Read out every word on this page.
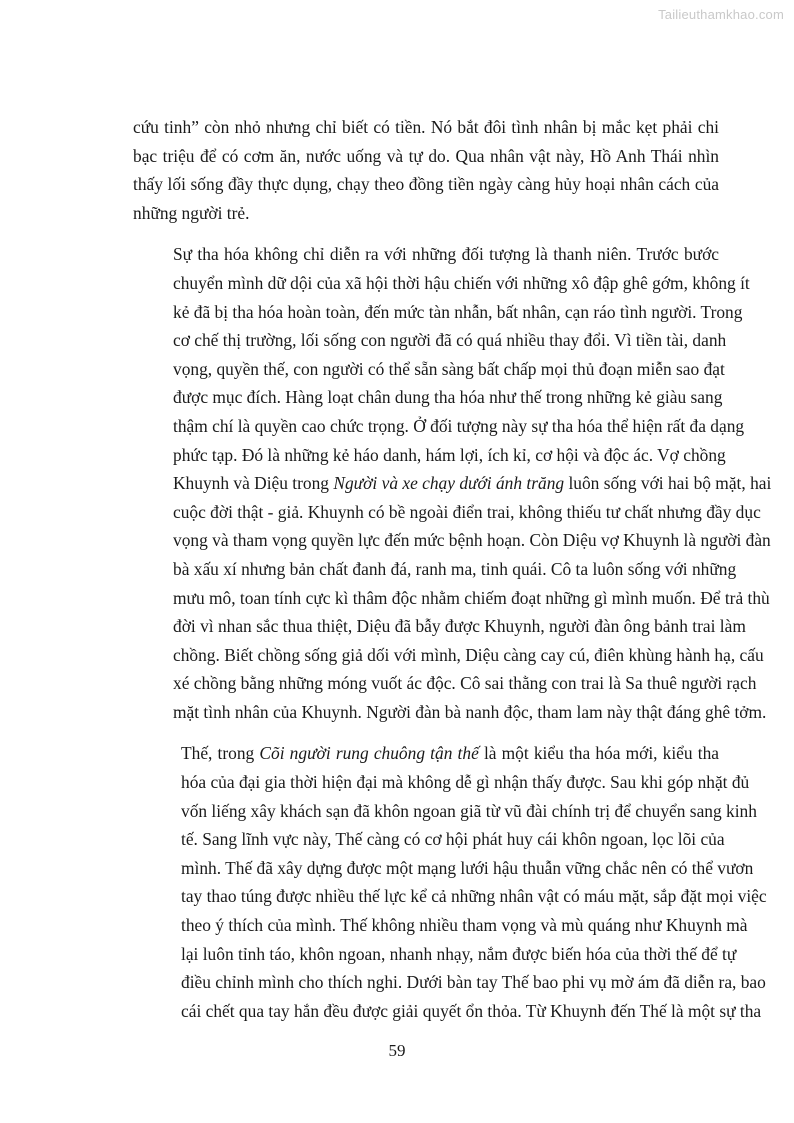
Tailieuthamkhao.com
cứu tinh” còn nhỏ nhưng chỉ biết có tiền. Nó bắt đôi tình nhân bị mắc kẹt phải chi
bạc triệu để có cơm ăn, nước uống và tự do. Qua nhân vật này, Hồ Anh Thái nhìn
thấy lối sống đầy thực dụng, chạy theo đồng tiền ngày càng hủy hoại nhân cách của
những người trẻ.
Sự tha hóa không chỉ diễn ra với những đối tượng là thanh niên. Trước bước
chuyển mình dữ dội của xã hội thời hậu chiến với những xô đập ghê gớm, không ít
kẻ đã bị tha hóa hoàn toàn, đến mức tàn nhẫn, bất nhân, cạn ráo tình người. Trong
cơ chế thị trường, lối sống con người đã có quá nhiều thay đổi. Vì tiền tài, danh
vọng, quyền thế, con người có thể sẵn sàng bất chấp mọi thủ đoạn miễn sao đạt
được mục đích. Hàng loạt chân dung tha hóa như thế trong những kẻ giàu sang
thậm chí là quyền cao chức trọng. Ở đối tượng này sự tha hóa thể hiện rất đa dạng
phức tạp. Đó là những kẻ háo danh, hám lợi, ích kỉ, cơ hội và độc ác. Vợ chồng
Khuynh và Diệu trong Người và xe chạy dưới ánh trăng luôn sống với hai bộ mặt, hai
cuộc đời thật - giả. Khuynh có bề ngoài điển trai, không thiếu tư chất nhưng đầy dục
vọng và tham vọng quyền lực đến mức bệnh hoạn. Còn Diệu vợ Khuynh là người đàn
bà xấu xí nhưng bản chất đanh đá, ranh ma, tinh quái. Cô ta luôn sống với những
mưu mô, toan tính cực kì thâm độc nhằm chiếm đoạt những gì mình muốn. Để trả thù
đời vì nhan sắc thua thiệt, Diệu đã bẫy được Khuynh, người đàn ông bảnh trai làm
chồng. Biết chồng sống giả dối với mình, Diệu càng cay cú, điên khùng hành hạ, cấu
xé chồng bằng những móng vuốt ác độc. Cô sai thằng con trai là Sa thuê người rạch
mặt tình nhân của Khuynh. Người đàn bà nanh độc, tham lam này thật đáng ghê tởm.
Thế, trong Cõi người rung chuông tận thế là một kiểu tha hóa mới, kiểu tha
hóa của đại gia thời hiện đại mà không dễ gì nhận thấy được. Sau khi góp nhặt đủ
vốn liếng xây khách sạn đã khôn ngoan giã từ vũ đài chính trị để chuyển sang kinh
tế. Sang lĩnh vực này, Thế càng có cơ hội phát huy cái khôn ngoan, lọc lõi của
mình. Thế đã xây dựng được một mạng lưới hậu thuẫn vững chắc nên có thể vươn
tay thao túng được nhiều thế lực kể cả những nhân vật có máu mặt, sắp đặt mọi việc
theo ý thích của mình. Thế không nhiều tham vọng và mù quáng như Khuynh mà
lại luôn tỉnh táo, khôn ngoan, nhanh nhạy, nắm được biến hóa của thời thế để tự
điều chỉnh mình cho thích nghi. Dưới bàn tay Thế bao phi vụ mờ ám đã diễn ra, bao
cái chết qua tay hắn đều được giải quyết ổn thỏa. Từ Khuynh đến Thế là một sự tha
59
